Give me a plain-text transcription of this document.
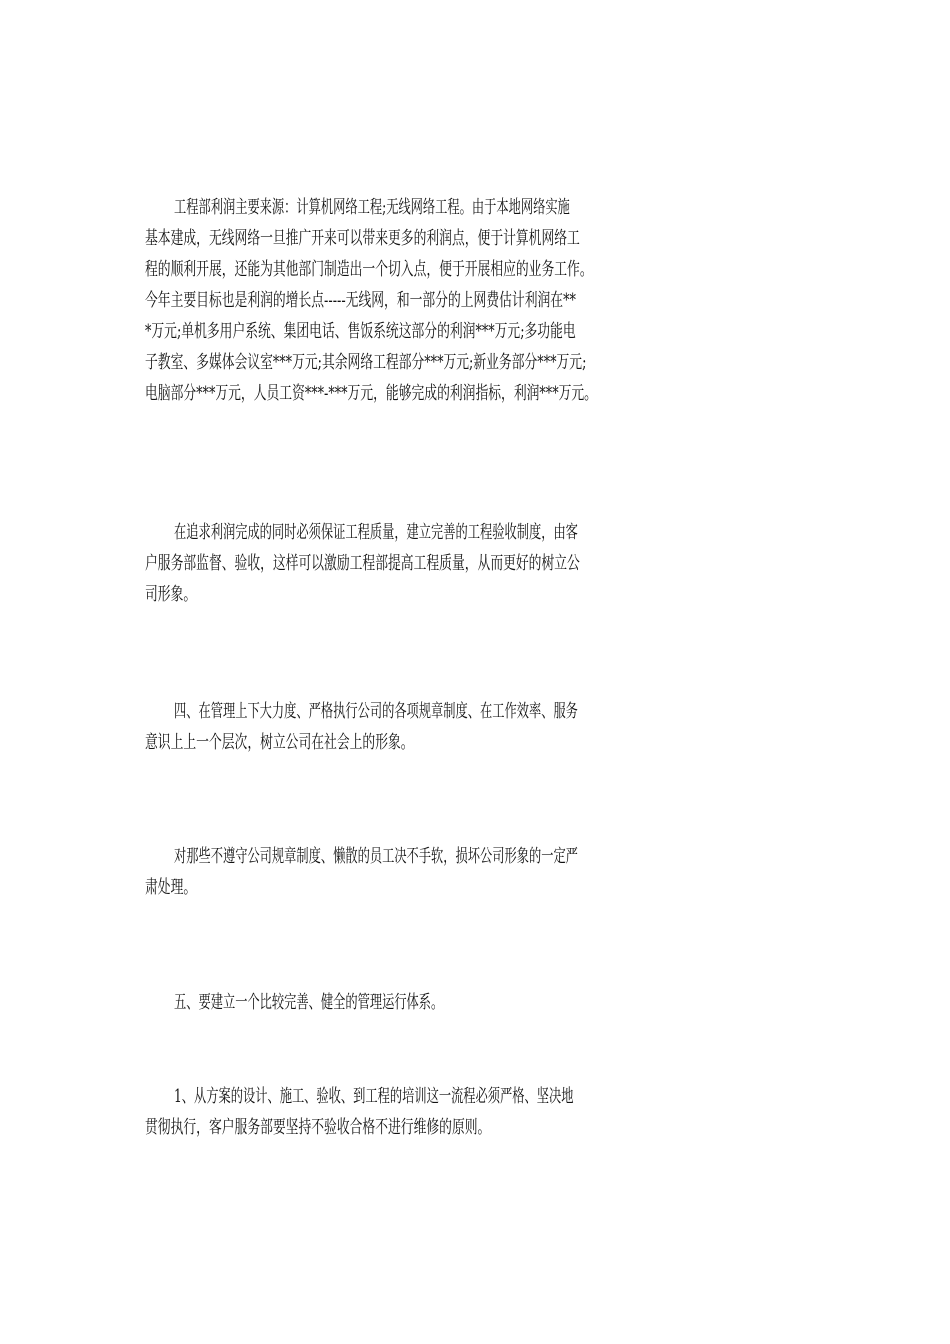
工程部利润主要来源：计算机网络工程;无线网络工程。由于本地网络实施
基本建成，无线网络一旦推广开来可以带来更多的利润点，便于计算机网络工
程的顺利开展，还能为其他部门制造出一个切入点，便于开展相应的业务工作。
今年主要目标也是利润的增长点-----无线网，和一部分的上网费估计利润在**
*万元;单机多用户系统、集团电话、售饭系统这部分的利润***万元;多功能电
子教室、多媒体会议室***万元;其余网络工程部分***万元;新业务部分***万元;
电脑部分***万元，人员工资***-***万元，能够完成的利润指标，利润***万元。
在追求利润完成的同时必须保证工程质量，建立完善的工程验收制度，由客
户服务部监督、验收，这样可以激励工程部提高工程质量，从而更好的树立公
司形象。
四、在管理上下大力度、严格执行公司的各项规章制度、在工作效率、服务
意识上上一个层次，树立公司在社会上的形象。
对那些不遵守公司规章制度、懒散的员工决不手软，损坏公司形象的一定严
肃处理。
五、要建立一个比较完善、健全的管理运行体系。
1、从方案的设计、施工、验收、到工程的培训这一流程必须严格、坚决地
贯彻执行，客户服务部要坚持不验收合格不进行维修的原则。
